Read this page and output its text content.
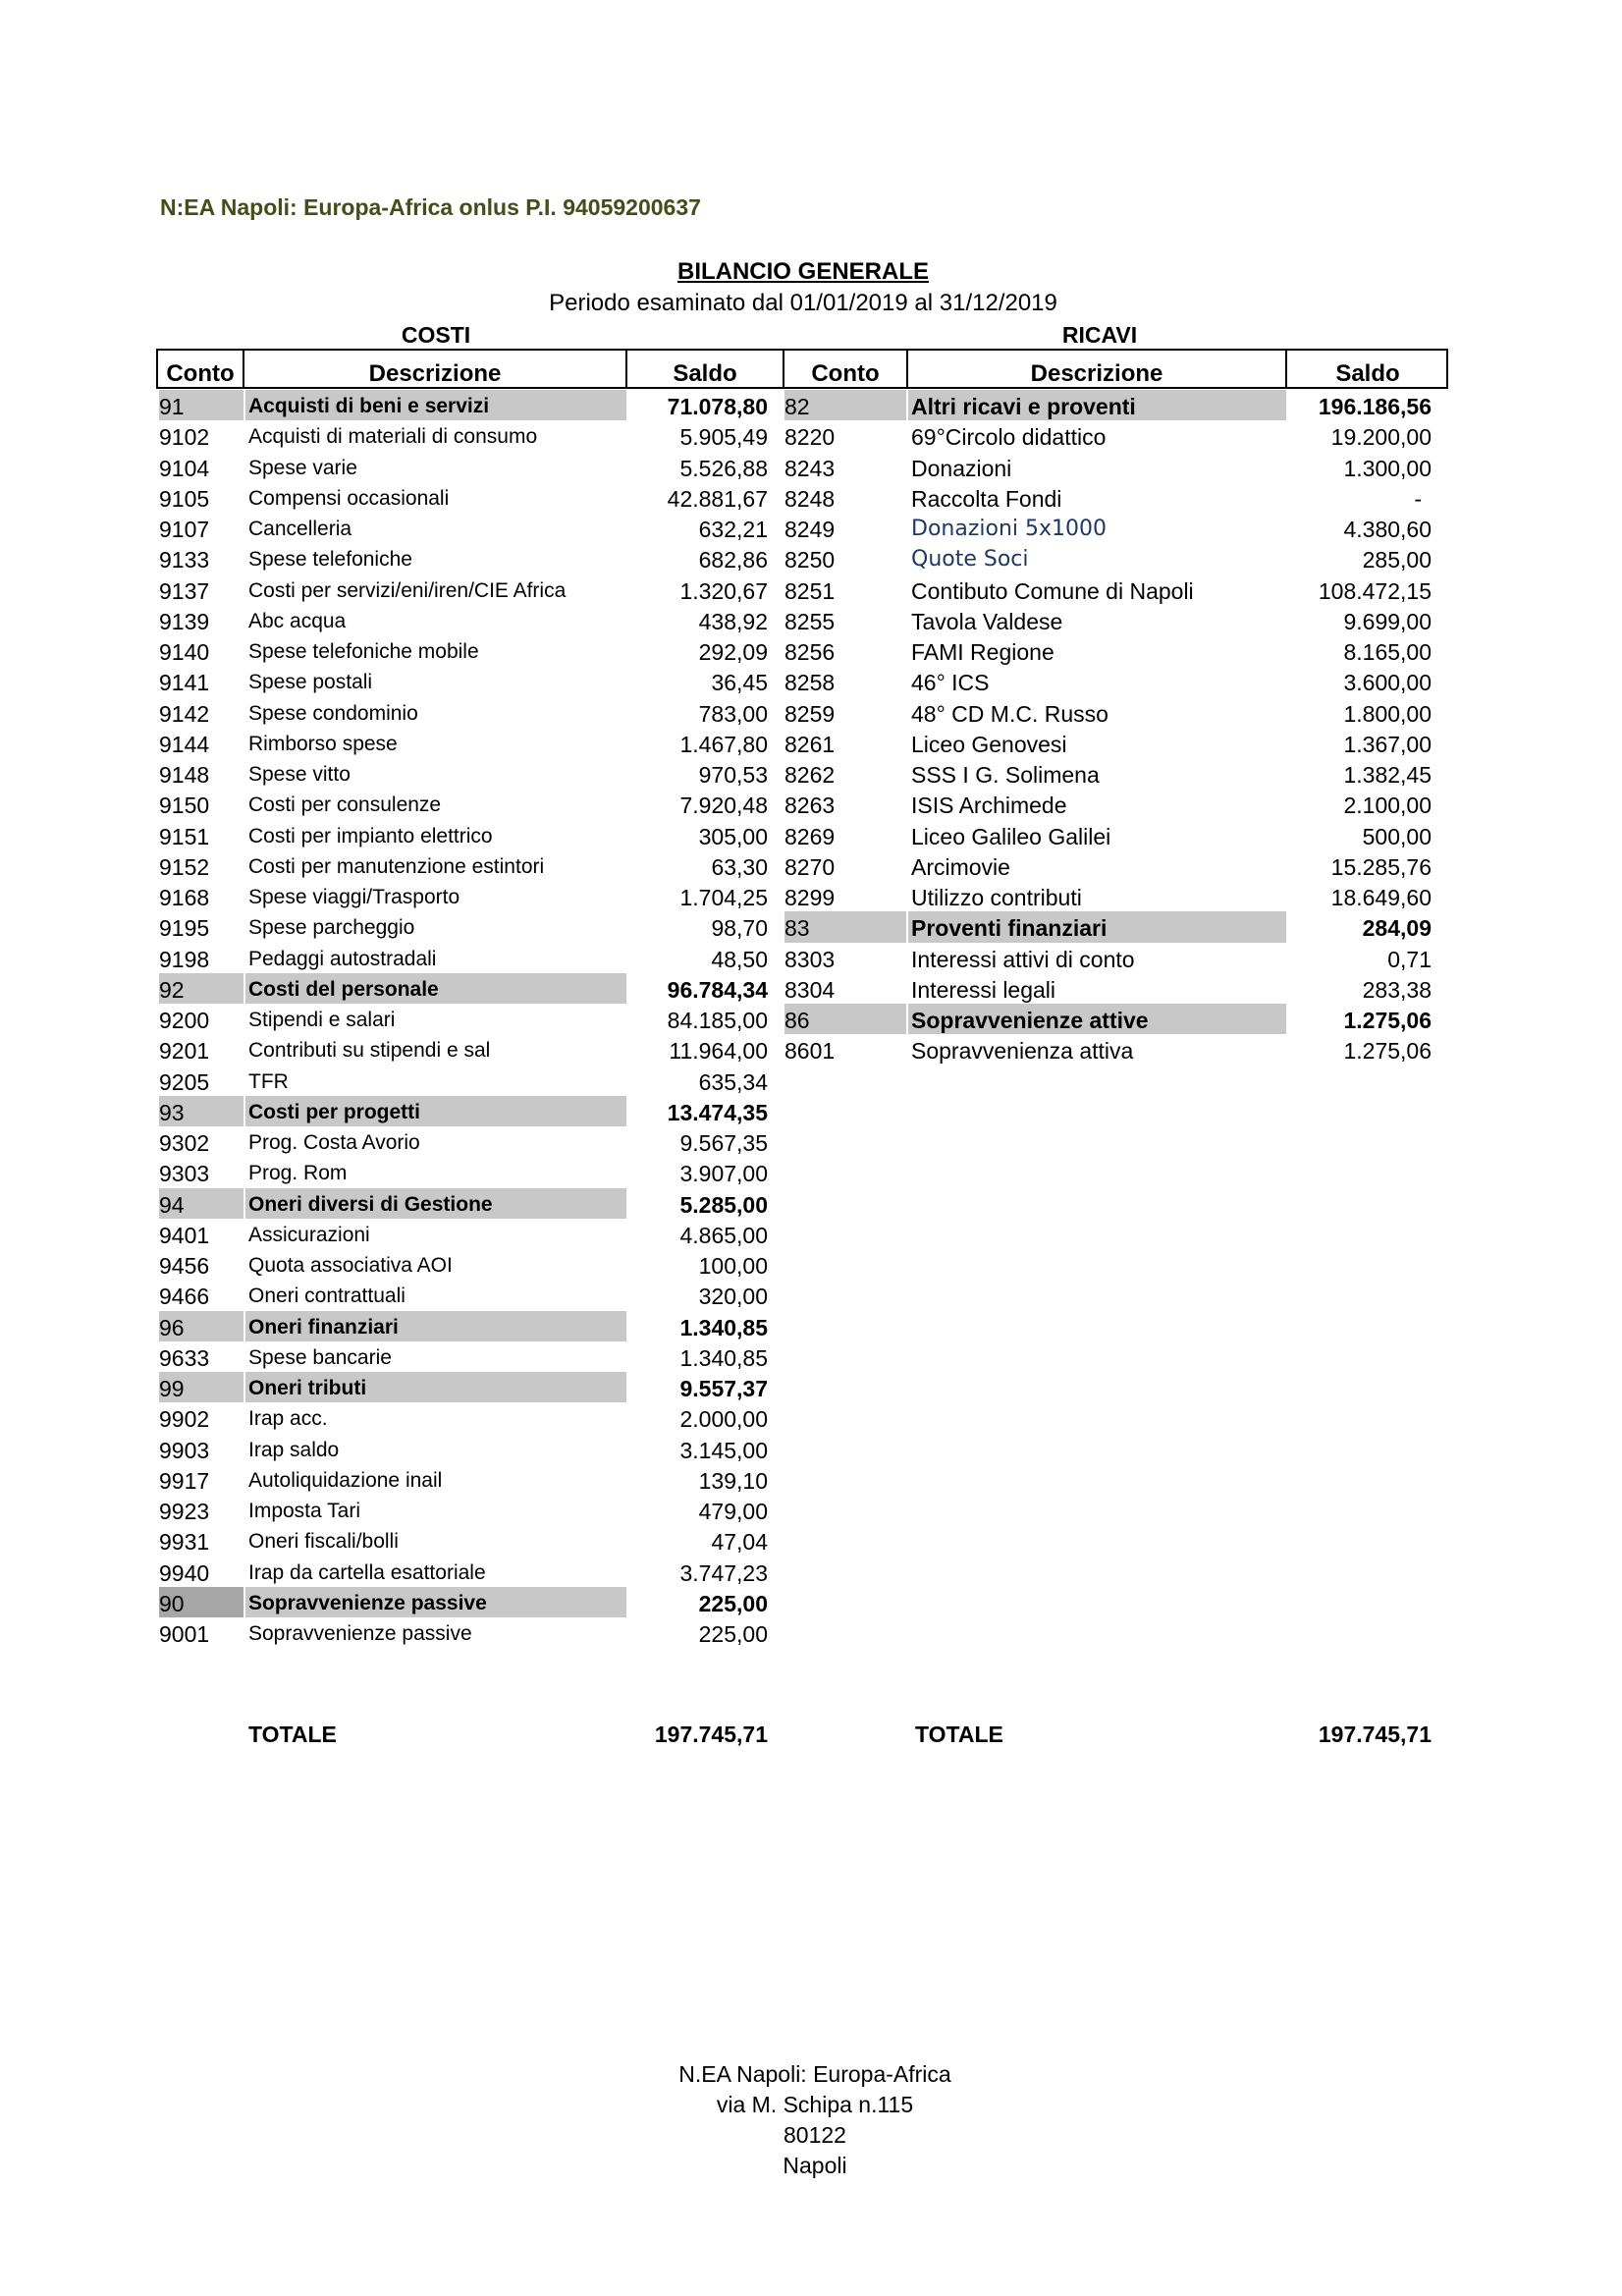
N:EA Napoli: Europa-Africa onlus P.I. 94059200637
BILANCIO GENERALE
Periodo esaminato dal 01/01/2019 al 31/12/2019
COSTI	RICAVI
Conto	Descrizione	Saldo	Conto	Descrizione	Saldo
91	Acquisti di beni e servizi	71.078,80 82	Altri ricavi e proventi	196.186,56
9102	Acquisti di materiali di consumo	5.905,49 8220	69°Circolo didattico	19.200,00
9104	Spese varie	5.526,88 8243	Donazioni	1.300,00
9105	Compensi occasionali	42.881,67 8248	Raccolta Fondi	-
9107	Cancelleria	632,21 8249	Donazioni 5x1000	4.380,60
9133	Spese telefoniche	682,86 8250	Quote Soci	285,00
9137	Costi per servizi/eni/iren/CIE Africa	1.320,67 8251	Contibuto Comune di Napoli	108.472,15
9139	Abc acqua	438,92 8255	Tavola Valdese	9.699,00
9140	Spese telefoniche mobile	292,09 8256	FAMI Regione	8.165,00
9141	Spese postali	36,45 8258	46° ICS	3.600,00
9142	Spese condominio	783,00 8259	48° CD M.C. Russo	1.800,00
9144	Rimborso spese	1.467,80 8261	Liceo Genovesi	1.367,00
9148	Spese vitto	970,53 8262	SSS I G. Solimena	1.382,45
9150	Costi per consulenze	7.920,48 8263	ISIS Archimede	2.100,00
9151	Costi per impianto elettrico	305,00 8269	Liceo Galileo Galilei	500,00
9152	Costi per manutenzione estintori	63,30 8270	Arcimovie	15.285,76
9168	Spese viaggi/Trasporto	1.704,25 8299	Utilizzo contributi	18.649,60
9195	Spese parcheggio	98,70 83	Proventi finanziari	284,09
9198	Pedaggi autostradali	48,50 8303	Interessi attivi di conto	0,71
92	Costi del personale	96.784,34 8304	Interessi legali	283,38
9200	Stipendi e salari	84.185,00 86	Sopravvenienze attive	1.275,06
9201	Contributi su stipendi e sal	11.964,00 8601	Sopravvenienza attiva	1.275,06
9205	TFR	635,34
93	Costi per progetti	13.474,35
9302	Prog. Costa Avorio	9.567,35
9303	Prog. Rom	3.907,00
94	Oneri diversi di Gestione	5.285,00
9401	Assicurazioni	4.865,00
9456	Quota associativa AOI	100,00
9466	Oneri contrattuali	320,00
96	Oneri finanziari	1.340,85
9633	Spese bancarie	1.340,85
99	Oneri tributi	9.557,37
9902	Irap acc.	2.000,00
9903	Irap saldo	3.145,00
9917	Autoliquidazione inail	139,10
9923	Imposta Tari	479,00
9931	Oneri fiscali/bolli	47,04
9940	Irap da cartella esattoriale	3.747,23
90	Sopravvenienze passive	225,00
9001	Sopravvenienze passive	225,00
TOTALE	197.745,71	TOTALE	197.745,71
N.EA Napoli: Europa-Africa
via M. Schipa n.115
80122
Napoli
